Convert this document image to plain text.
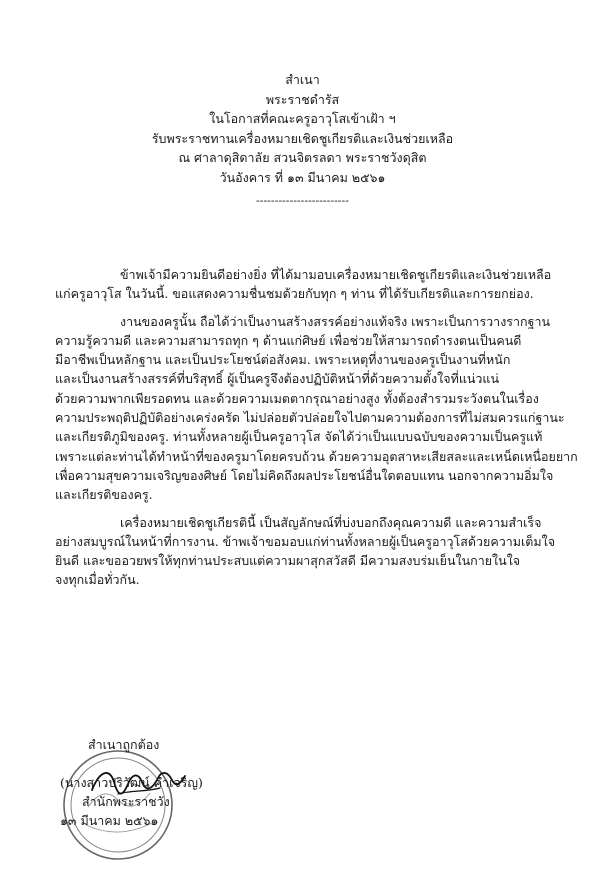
สำเนา
พระราชดำรัส
ในโอกาสที่คณะครูอาวุโสเข้าเฝ้า ฯ
รับพระราชทานเครื่องหมายเชิดชูเกียรติและเงินช่วยเหลือ
ณ ศาลาดุสิดาลัย สวนจิตรลดา พระราชวังดุสิต
วันอังคาร ที่ ๑๓ มีนาคม ๒๕๖๑
-------------------------
ข้าพเจ้ามีความยินดีอย่างยิ่ง ที่ได้มามอบเครื่องหมายเชิดชูเกียรติและเงินช่วยเหลือ
แก่ครูอาวุโส ในวันนี้. ขอแสดงความชื่นชมด้วยกับทุก ๆ ท่าน ที่ได้รับเกียรติและการยกย่อง.
งานของครูนั้น ถือได้ว่าเป็นงานสร้างสรรค์อย่างแท้จริง เพราะเป็นการวางรากฐาน
ความรู้ความดี และความสามารถทุก ๆ ด้านแก่ศิษย์ เพื่อช่วยให้สามารถดำรงตนเป็นคนดี
มีอาชีพเป็นหลักฐาน และเป็นประโยชน์ต่อสังคม. เพราะเหตุที่งานของครูเป็นงานที่หนัก
และเป็นงานสร้างสรรค์ที่บริสุทธิ์ ผู้เป็นครูจึงต้องปฏิบัติหน้าที่ด้วยความตั้งใจที่แน่วแน่
ด้วยความพากเพียรอดทน และด้วยความเมตตากรุณาอย่างสูง ทั้งต้องสำรวมระวังตนในเรื่อง
ความประพฤติปฏิบัติอย่างเคร่งครัด ไม่ปล่อยตัวปล่อยใจไปตามความต้องการที่ไม่สมควรแก่ฐานะ
และเกียรติภูมิของครู. ท่านทั้งหลายผู้เป็นครูอาวุโส จัดได้ว่าเป็นแบบฉบับของความเป็นครูแท้
เพราะแต่ละท่านได้ทำหน้าที่ของครูมาโดยครบถ้วน ด้วยความอุตสาหะเสียสละและเหน็ดเหนื่อยยาก
เพื่อความสุขความเจริญของศิษย์ โดยไม่คิดถึงผลประโยชน์อื่นใดตอบแทน นอกจากความอิ่มใจ
และเกียรติของครู.
เครื่องหมายเชิดชูเกียรตินี้ เป็นสัญลักษณ์ที่บ่งบอกถึงคุณความดี และความสำเร็จ
อย่างสมบูรณ์ในหน้าที่การงาน. ข้าพเจ้าขอมอบแก่ท่านทั้งหลายผู้เป็นครูอาวุโสด้วยความเต็มใจ
ยินดี และขออวยพรให้ทุกท่านประสบแต่ความผาสุกสวัสดี มีความสงบร่มเย็นในกายในใจ
จงทุกเมื่อทั่วกัน.
สำเนาถูกต้อง
(นางสาวปริวัฒน์ คำเจริญ)
สำนักพระราชวัง
๑๓ มีนาคม ๒๕๖๑
